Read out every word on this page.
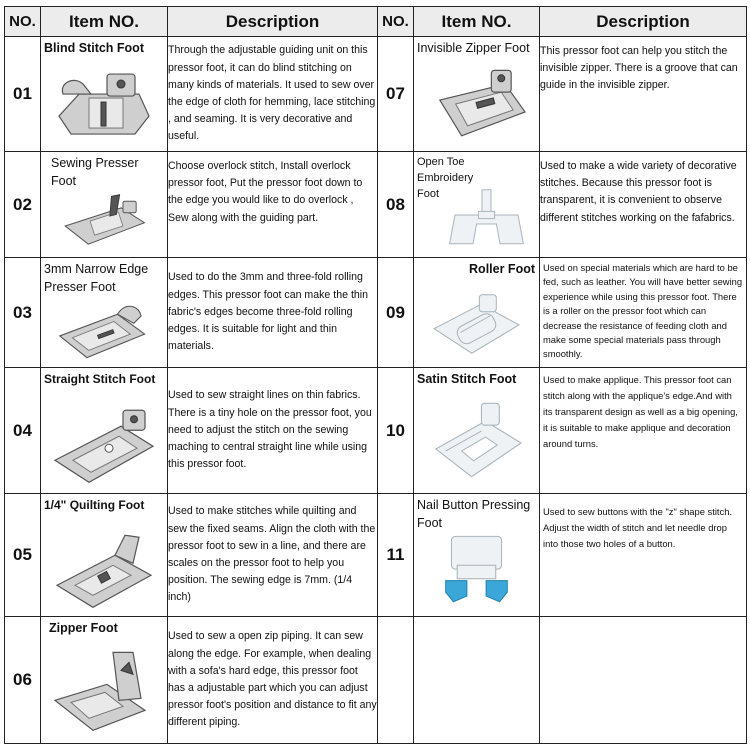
NO.	Item NO.	Description	NO.	Item NO.	Description
01	Blind Stitch Foot	Through the adjustable guiding unit on this pressor foot, it can do blind stitching on many kinds of materials. It used to sew over the edge of cloth for hemming, lace stitching , and seaming. It is very decorative and useful.	07	Invisible Zipper Foot	This pressor foot can help you stitch the invisible zipper. There is a groove that can guide in the invisible zipper.
02	Sewing Presser Foot	Choose overlock stitch, Install overlock pressor foot, Put the pressor foot down to the edge you would like to do overlock , Sew along with the guiding part.	08	Open Toe Embroidery Foot	Used to make a wide variety of decorative stitches. Because this pressor foot is transparent, it is convenient to observe different stitches working on the fafabrics.
03	3mm Narrow Edge Presser Foot	Used to do the 3mm and three-fold rolling edges. This pressor foot can make the thin fabric's edges become three-fold rolling edges. It is suitable for light and thin materials.	09	Roller Foot	Used on special materials which are hard to be fed, such as leather. You will have better sewing experience while using this pressor foot. There is a roller on the pressor foot which can decrease the resistance of feeding cloth and make some special materials pass through smoothly.
04	Straight Stitch Foot	Used to sew straight lines on thin fabrics. There is a tiny hole on the pressor foot, you need to adjust the stitch on the sewing maching to central straight line while using this pressor foot.	10	Satin Stitch Foot	Used to make applique. This pressor foot can stitch along with the applique's edge.And with its transparent design as well as a big opening, it is suitable to make applique and decoration around turns.
05	1/4" Quilting Foot	Used to make stitches while quilting and sew the fixed seams. Align the cloth with the pressor foot to sew in a line, and there are scales on the pressor foot to help you position. The sewing edge is 7mm. (1/4 inch)	11	Nail Button Pressing Foot	Used to sew buttons with the "z" shape stitch. Adjust the width of stitch and let needle drop into those two holes of a button.
06	Zipper Foot	Used to sew a open zip piping. It can sew along the edge. For example, when dealing with a sofa's hard edge, this pressor foot has a adjustable part which you can adjust pressor foot's position and distance to fit any different piping.			
